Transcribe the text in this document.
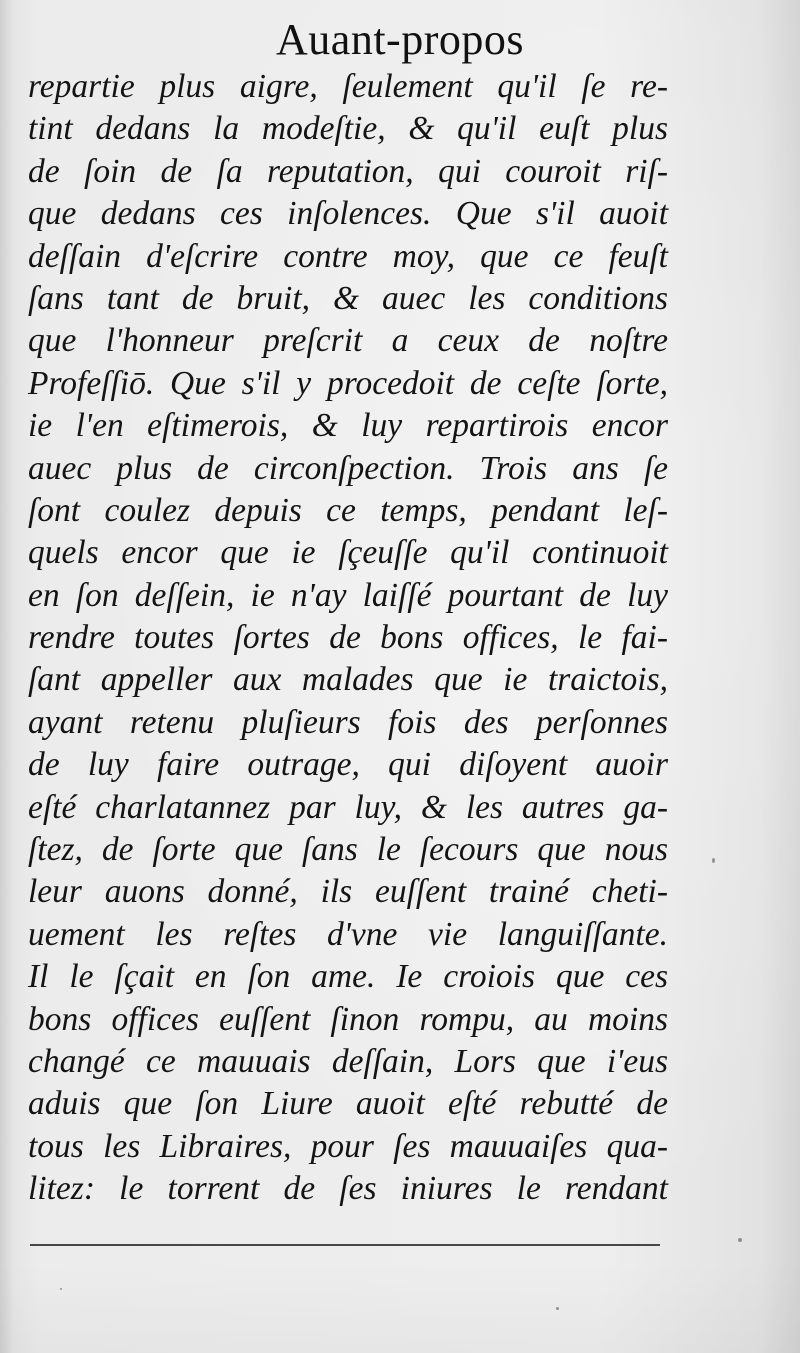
Auant-propos
repartie plus aigre, ſeulement qu'il ſe re-
tint dedans la modeſtie, & qu'il euſt plus
de ſoin de ſa reputation, qui couroit riſ-
que dedans ces inſolences. Que s'il auoit
deſſain d'eſcrire contre moy, que ce feuſt
ſans tant de bruit, & auec les conditions
que l'honneur preſcrit a ceux de noſtre
Profeſſiō. Que s'il y procedoit de ceſte ſorte,
ie l'en eſtimerois, & luy repartirois encor
auec plus de circonſpection. Trois ans ſe
ſont coulez depuis ce temps, pendant leſ-
quels encor que ie ſçeuſſe qu'il continuoit
en ſon deſſein, ie n'ay laiſſé pourtant de luy
rendre toutes ſortes de bons offices, le fai-
ſant appeller aux malades que ie traictois,
ayant retenu pluſieurs fois des perſonnes
de luy faire outrage, qui diſoyent auoir
eſté charlatannez par luy, & les autres ga-
ſtez, de ſorte que ſans le ſecours que nous
leur auons donné, ils euſſent trainé cheti-
uement les reſtes d'vne vie languiſſante.
Il le ſçait en ſon ame. Ie croiois que ces
bons offices euſſent ſinon rompu, au moins
changé ce mauuais deſſain, Lors que i'eus
aduis que ſon Liure auoit eſté rebutté de
tous les Libraires, pour ſes mauuaiſes qua-
litez: le torrent de ſes iniures le rendant
